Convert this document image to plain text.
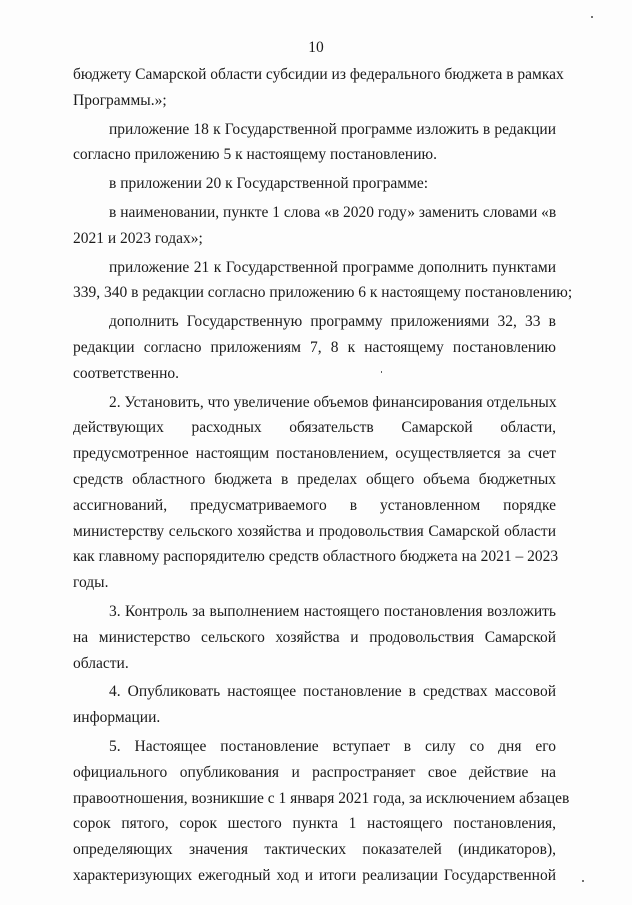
10
бюджету Самарской области субсидии из федерального бюджета в рамках
Программы.»;
приложение 18 к Государственной программе изложить в редакции
согласно приложению 5 к настоящему постановлению.
в приложении 20 к Государственной программе:
в наименовании, пункте 1 слова «в 2020 году» заменить словами «в
2021 и 2023 годах»;
приложение 21 к Государственной программе дополнить пунктами
339, 340 в редакции согласно приложению 6 к настоящему постановлению;
дополнить Государственную программу приложениями 32, 33 в
редакции согласно приложениям 7, 8 к настоящему постановлению
соответственно.
2. Установить, что увеличение объемов финансирования отдельных
действующих расходных обязательств Самарской области,
предусмотренное настоящим постановлением, осуществляется за счет
средств областного бюджета в пределах общего объема бюджетных
ассигнований, предусматриваемого в установленном порядке
министерству сельского хозяйства и продовольствия Самарской области
как главному распорядителю средств областного бюджета на 2021 – 2023
годы.
3. Контроль за выполнением настоящего постановления возложить
на министерство сельского хозяйства и продовольствия Самарской
области.
4. Опубликовать настоящее постановление в средствах массовой
информации.
5. Настоящее постановление вступает в силу со дня его
официального опубликования и распространяет свое действие на
правоотношения, возникшие с 1 января 2021 года, за исключением абзацев
сорок пятого, сорок шестого пункта 1 настоящего постановления,
определяющих значения тактических показателей (индикаторов),
характеризующих ежегодный ход и итоги реализации Государственной
